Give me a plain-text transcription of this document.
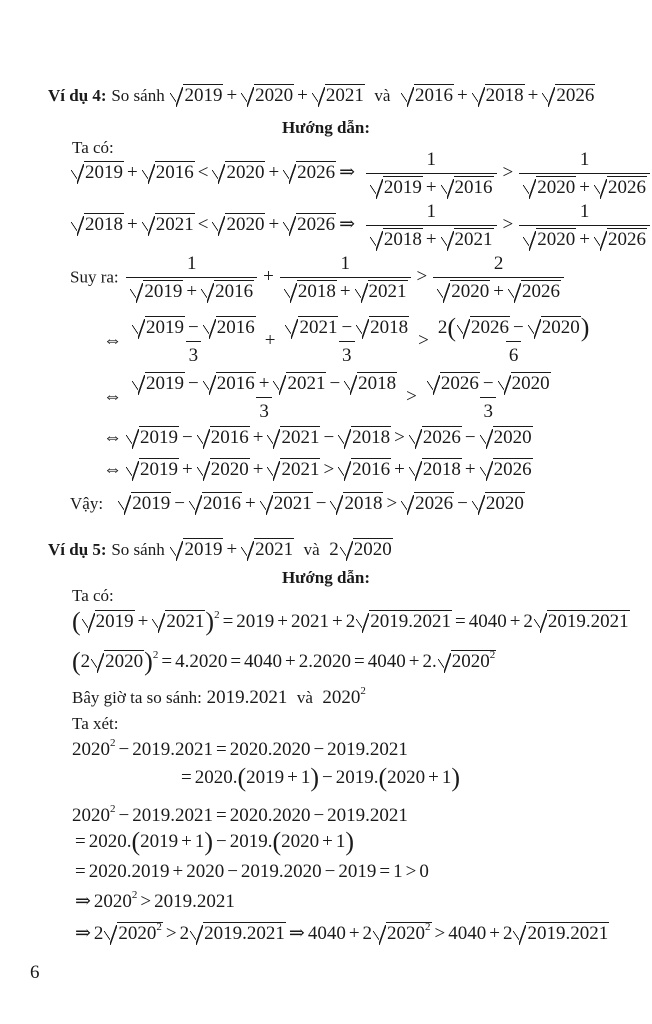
Ví dụ 4: So sánh 2019 + 2020 + 2021 và 2016 + 2018 + 2026
Hướng dẫn:
Ta có:
2019 + 2016 < 2020 + 2026 ⇒ $\frac{1}{2019 + 2016} > \frac{1}{2020 + 2026}$
2018 + 2021 < 2020 + 2026 ⇒ $\frac{1}{2018 + 2021} > \frac{1}{2020 + 2026}$
Suy ra: $\frac{1}{2019 + 2016} + \frac{1}{2018 + 2021} > \frac{2}{2020 + 2026}$
⇔ $\frac{2019 - 2016}{3} + \frac{2021 - 2018}{3} > \frac{2( 2026 - 2020)}{6}$
⇔ $\frac{2019 - 2016 + 2021 - 2018}{3} > \frac{2026 - 2020}{3}$
⇔ 2019 − 2016 + 2021 − 2018 > 2026 − 2020
⇔ 2019 + 2020 + 2021 > 2016 + 2018 + 2026
Vậy: 2019 − 2016 + 2021 − 2018 > 2026 − 2020
Ví dụ 5: So sánh 2019 + 2021 và  2 2020
Hướng dẫn:
Ta có:
( 2019 + 2021)$^2$ = 2019 + 2021 + 2 2019.2021 = 4040 + 2 2019.2021
(2 2020)$^2$ = 4.2020 = 4040 + 2.2020 = 4040 + 2. 2020$^2$
Bây giờ ta so sánh: 2019.2021  và  2020$^2$
Ta xét:
$2020^2 - 2019.2021 = 2020.2020 - 2019.2021$
= 2020.(2019 + 1) − 2019.(2020 + 1)
$2020^2 - 2019.2021 = 2020.2020 - 2019.2021$
= 2020.(2019 + 1) − 2019.(2020 + 1)
= 2020.2019 + 2020 − 2019.2020 − 2019 = 1 > 0
⇒ $2020^2 > 2019.2021$
⇒ 2 $2020^2 > 2$ 2019.2021 ⇒ 4040 + 2 $2020^2 > 4040 + 2$ 2019.2021
6
